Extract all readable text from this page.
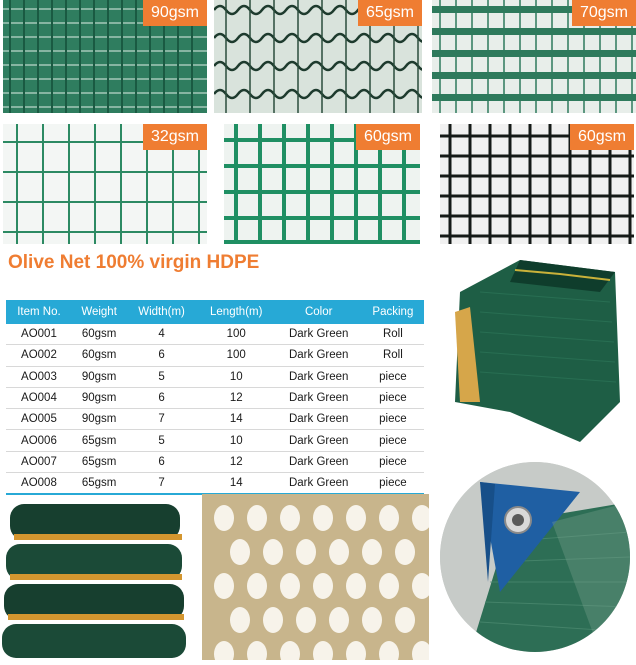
90gsm	65gsm	70gsm
32gsm	60gsm	60gsm
Olive Net 100% virgin HDPE
Item No.	Weight	Width(m)	Length(m)	Color	Packing
AO001	60gsm	4	100	Dark Green	Roll
AO002	60gsm	6	100	Dark Green	Roll
AO003	90gsm	5	10	Dark Green	piece
AO004	90gsm	6	12	Dark Green	piece
AO005	90gsm	7	14	Dark Green	piece
AO006	65gsm	5	10	Dark Green	piece
AO007	65gsm	6	12	Dark Green	piece
AO008	65gsm	7	14	Dark Green	piece
